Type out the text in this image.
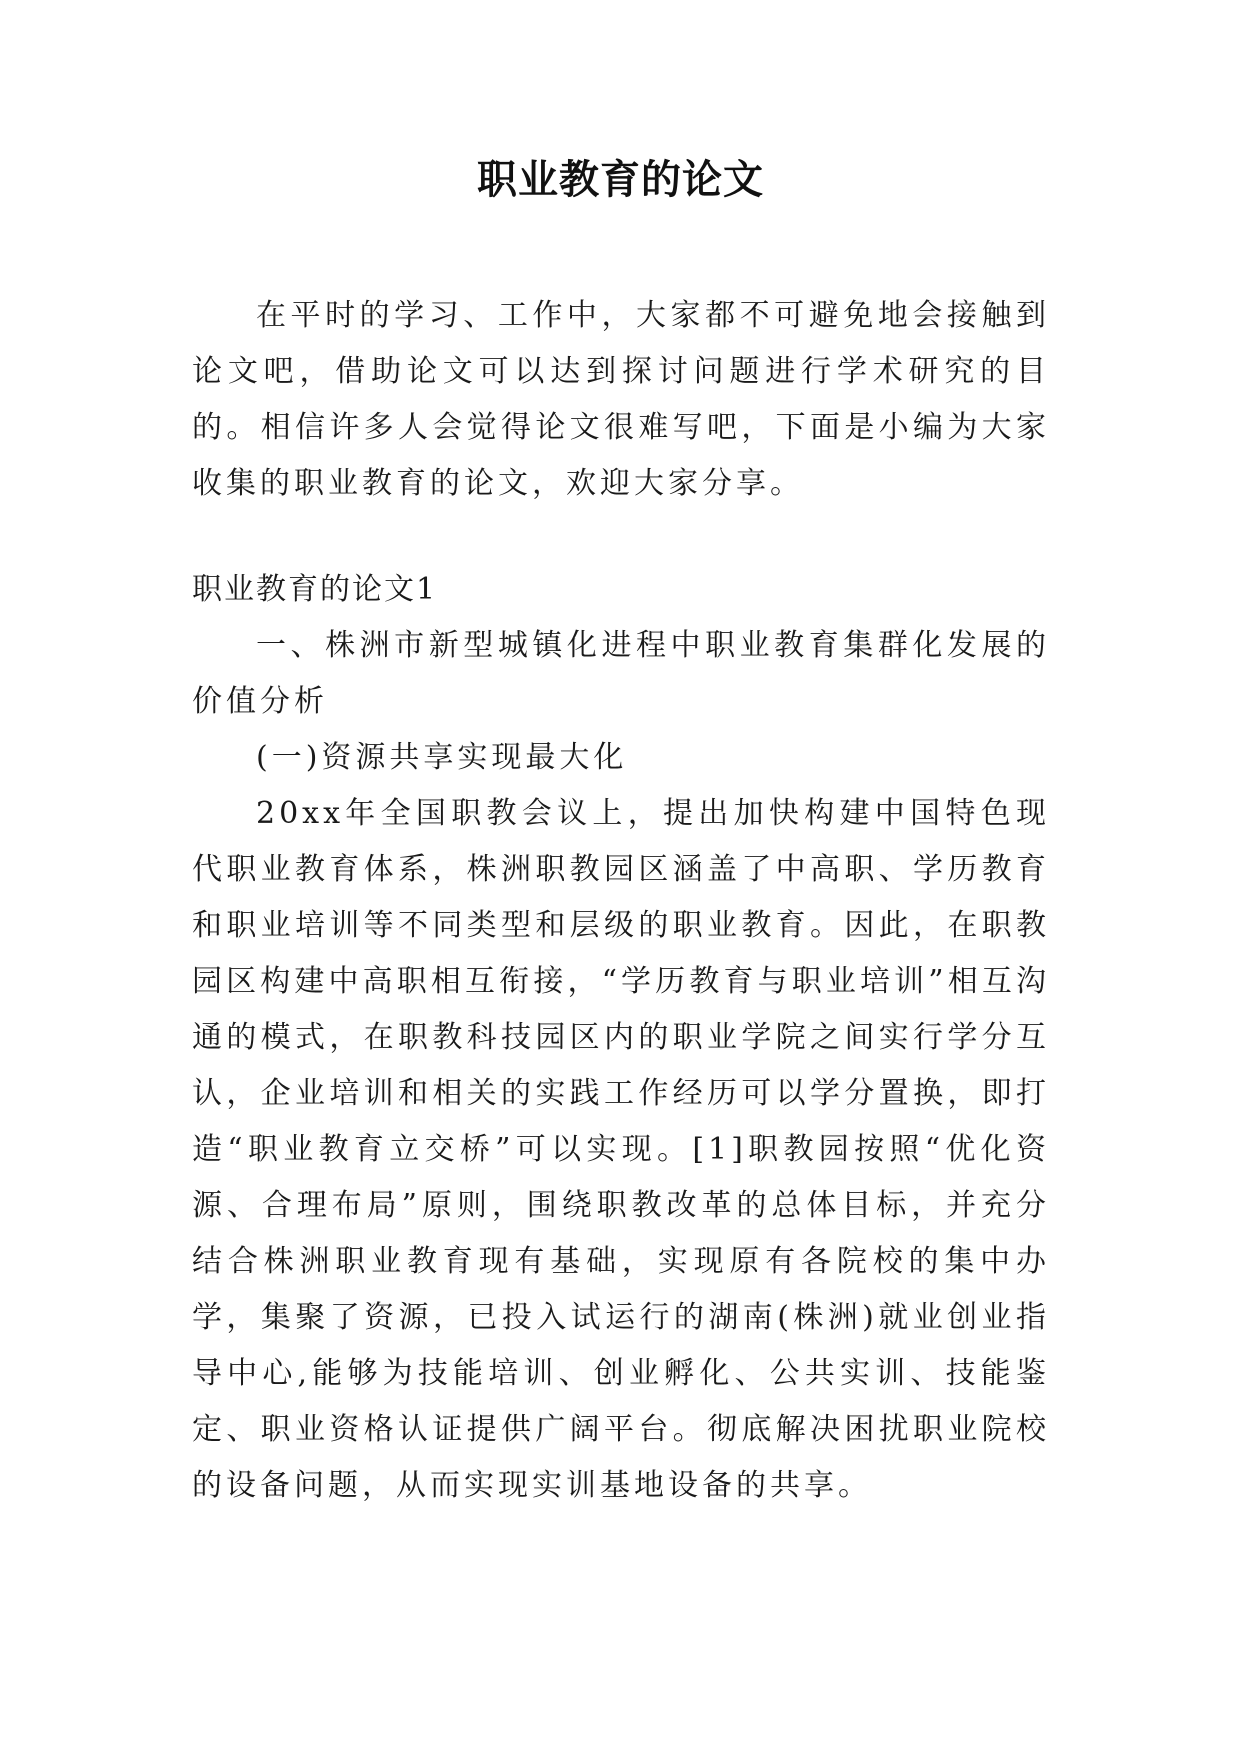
职业教育的论文

在平时的学习、工作中，大家都不可避免地会接触到论文吧，借助论文可以达到探讨问题进行学术研究的目的。相信许多人会觉得论文很难写吧，下面是小编为大家收集的职业教育的论文，欢迎大家分享。

职业教育的论文1

一、株洲市新型城镇化进程中职业教育集群化发展的价值分析

(一)资源共享实现最大化

20xx年全国职教会议上，提出加快构建中国特色现代职业教育体系，株洲职教园区涵盖了中高职、学历教育和职业培训等不同类型和层级的职业教育。因此，在职教园区构建中高职相互衔接，“学历教育与职业培训”相互沟通的模式，在职教科技园区内的职业学院之间实行学分互认，企业培训和相关的实践工作经历可以学分置换，即打造“职业教育立交桥”可以实现。[1]职教园按照“优化资源、合理布局”原则，围绕职教改革的总体目标，并充分结合株洲职业教育现有基础，实现原有各院校的集中办学，集聚了资源，已投入试运行的湖南(株洲)就业创业指导中心,能够为技能培训、创业孵化、公共实训、技能鉴定、职业资格认证提供广阔平台。彻底解决困扰职业院校的设备问题，从而实现实训基地设备的共享。
